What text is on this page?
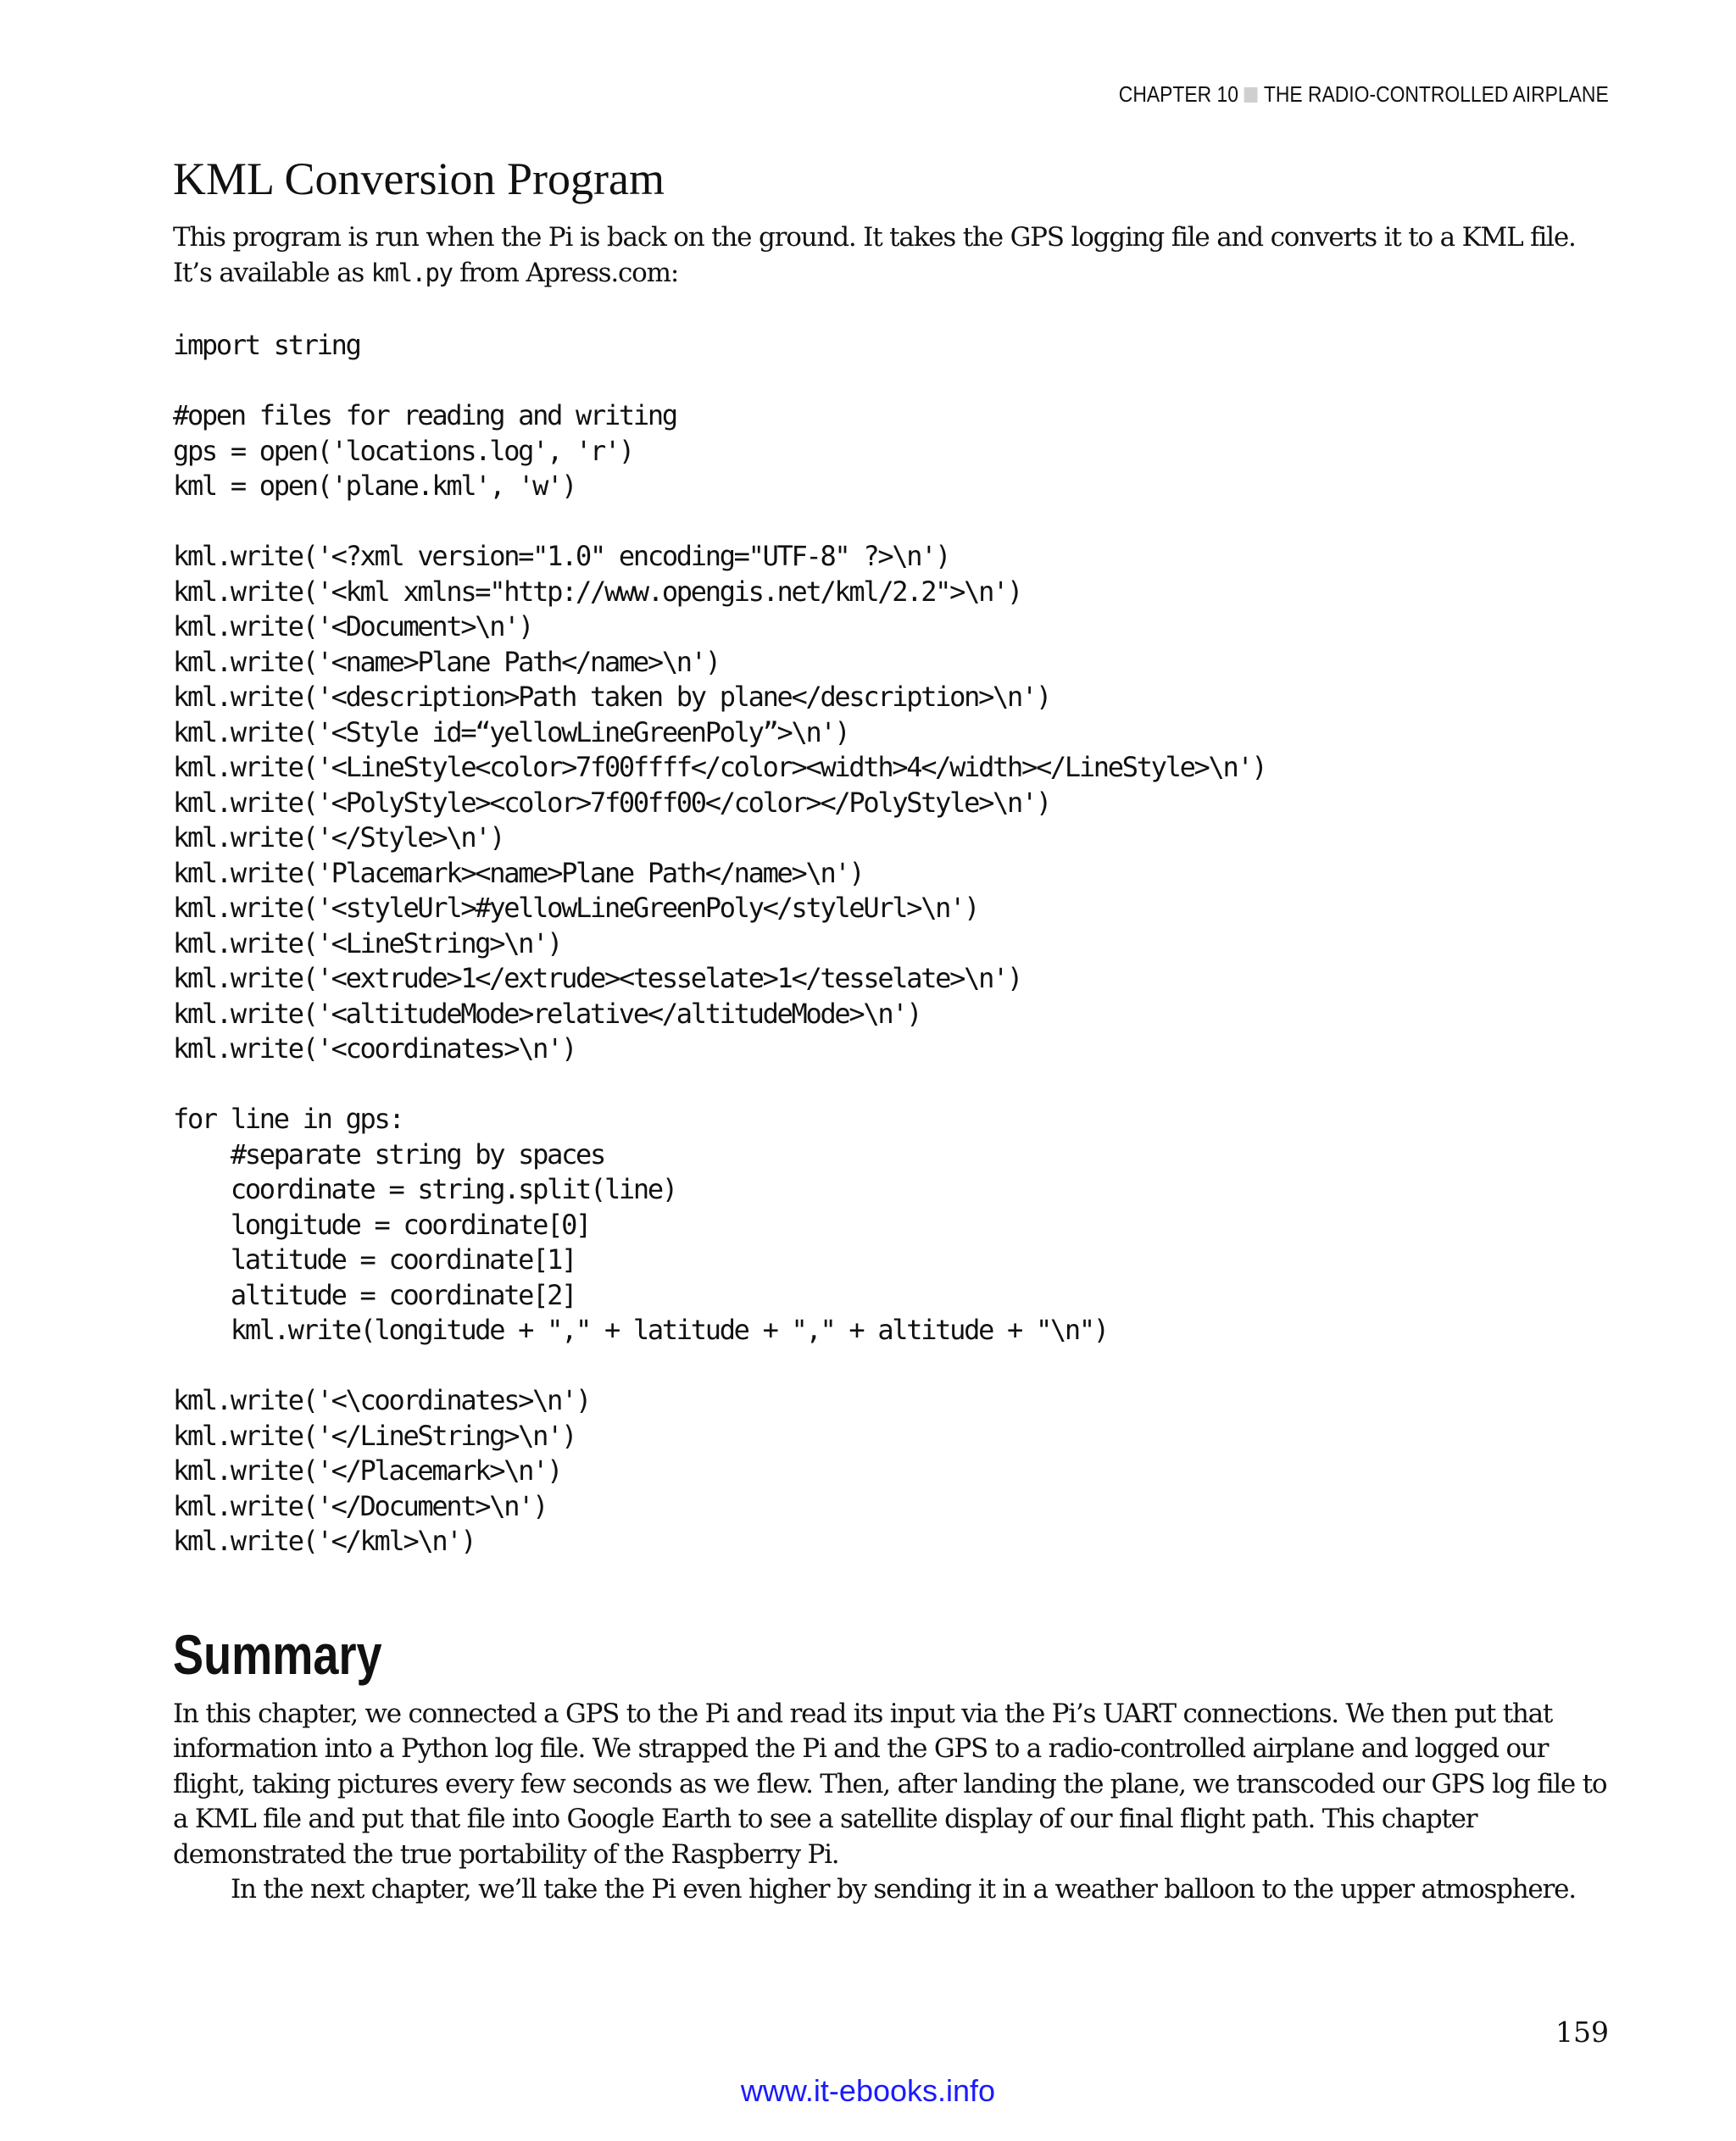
CHAPTER 10 THE RADIO-CONTROLLED AIRPLANE
KML Conversion Program

This program is run when the Pi is back on the ground. It takes the GPS logging file and converts it to a KML file. It’s available as kml.py from Apress.com:

import string
#open files for reading and writing
gps = open('locations.log', 'r')
kml = open('plane.kml', 'w')
kml.write('<?xml version="1.0" encoding="UTF-8" ?>\n')
kml.write('<kml xmlns="http://www.opengis.net/kml/2.2">\n')
kml.write('<Document>\n')
kml.write('<name>Plane Path</name>\n')
kml.write('<description>Path taken by plane</description>\n')
kml.write('<Style id=“yellowLineGreenPoly”>\n')
kml.write('<LineStyle<color>7f00ffff</color><width>4</width></LineStyle>\n')
kml.write('<PolyStyle><color>7f00ff00</color></PolyStyle>\n')
kml.write('</Style>\n')
kml.write('Placemark><name>Plane Path</name>\n')
kml.write('<styleUrl>#yellowLineGreenPoly</styleUrl>\n')
kml.write('<LineString>\n')
kml.write('<extrude>1</extrude><tesselate>1</tesselate>\n')
kml.write('<altitudeMode>relative</altitudeMode>\n')
kml.write('<coordinates>\n')
for line in gps:
#separate string by spaces
coordinate = string.split(line)
longitude = coordinate[0]
latitude = coordinate[1]
altitude = coordinate[2]
kml.write(longitude + "," + latitude + "," + altitude + "\n")
kml.write('<\coordinates>\n')
kml.write('</LineString>\n')
kml.write('</Placemark>\n')
kml.write('</Document>\n')
kml.write('</kml>\n')
Summary

In this chapter, we connected a GPS to the Pi and read its input via the Pi’s UART connections. We then put that information into a Python log file. We strapped the Pi and the GPS to a radio-controlled airplane and logged our flight, taking pictures every few seconds as we flew. Then, after landing the plane, we transcoded our GPS log file to a KML file and put that file into Google Earth to see a satellite display of our final flight path. This chapter demonstrated the true portability of the Raspberry Pi.

In the next chapter, we’ll take the Pi even higher by sending it in a weather balloon to the upper atmosphere.

159
www.it-ebooks.info
